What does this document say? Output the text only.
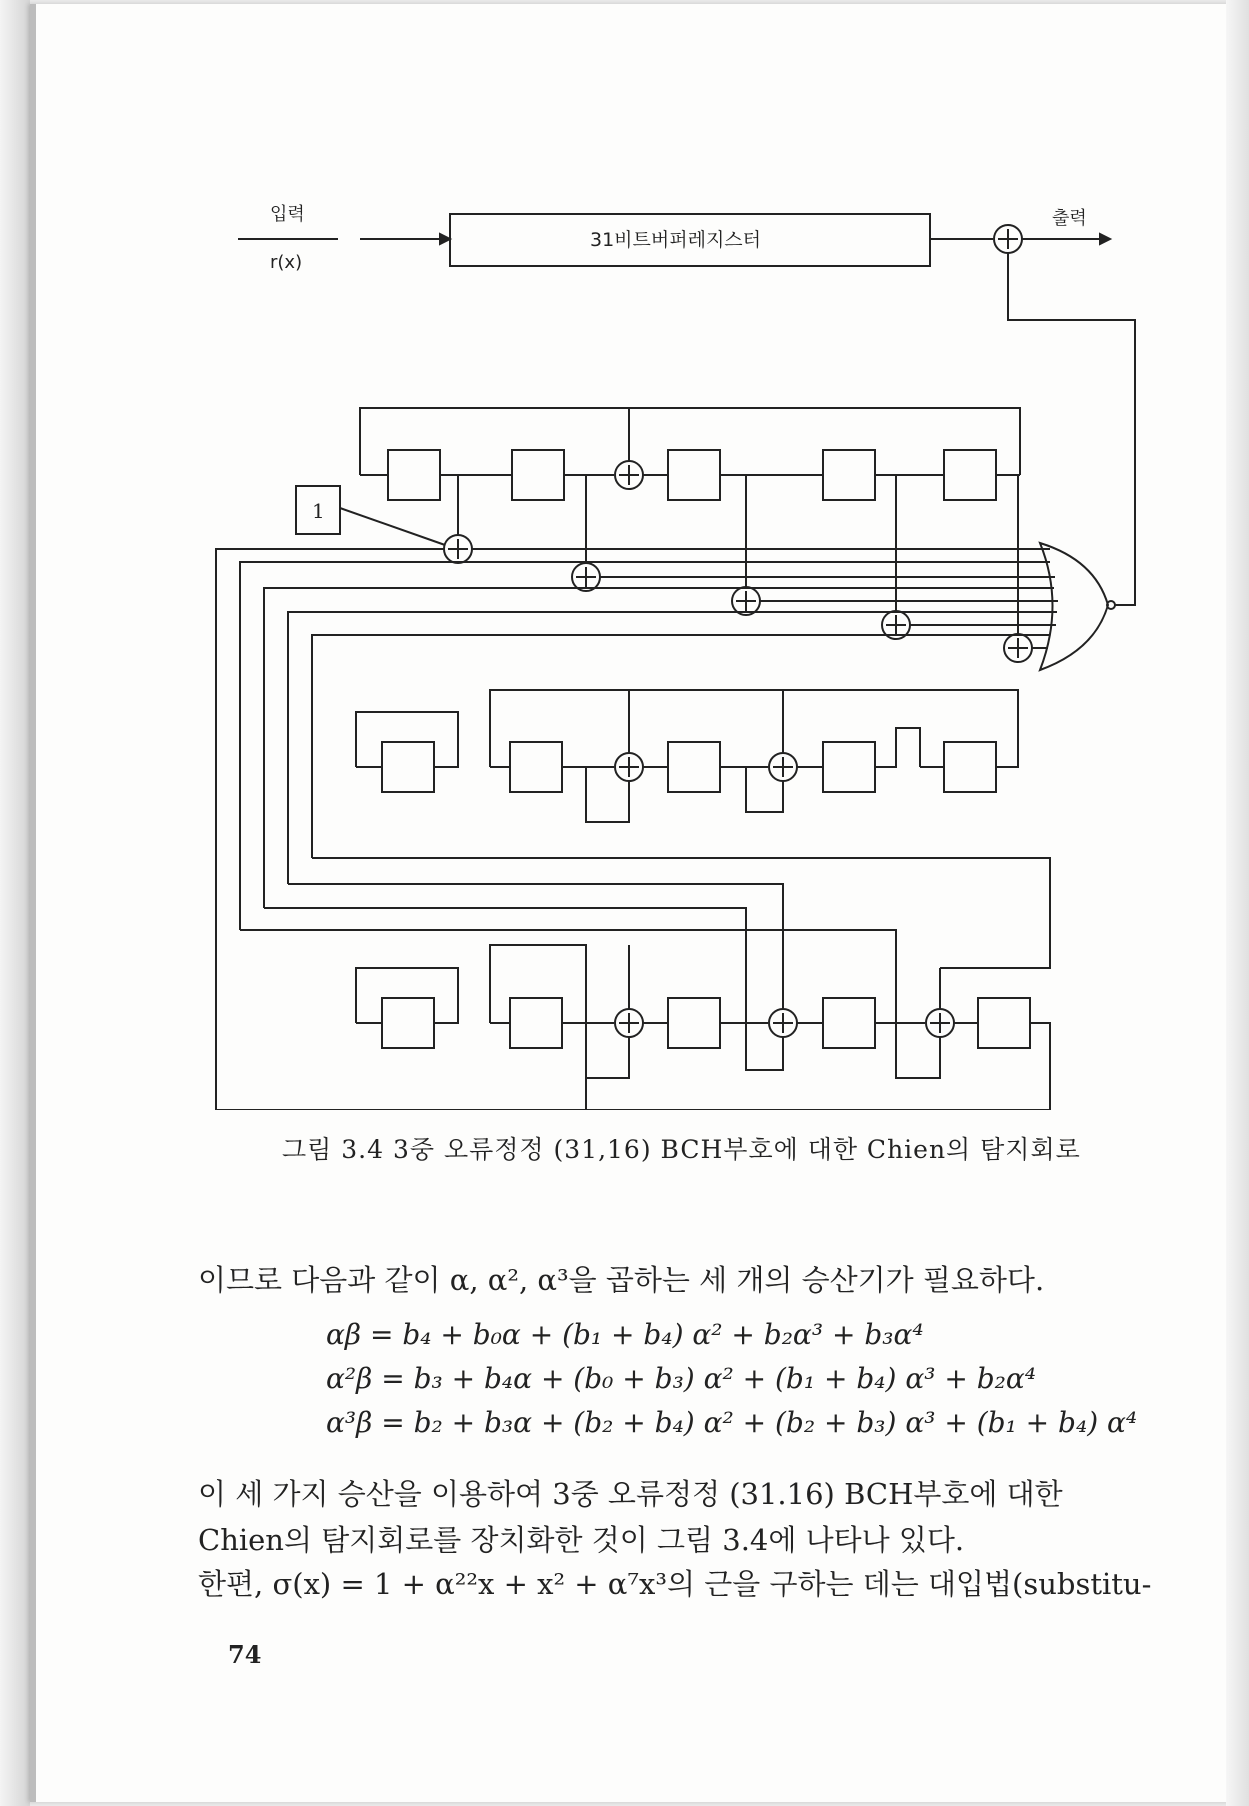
입력
r(x)
31비트버퍼레지스터
출력
1
그림 3.4 3중 오류정정 (31,16) BCH부호에 대한 Chien의 탐지회로
이므로 다음과 같이 α, α², α³을 곱하는 세 개의 승산기가 필요하다.
αβ = b₄ + b₀α + (b₁ + b₄) α² + b₂α³ + b₃α⁴
α²β = b₃ + b₄α + (b₀ + b₃) α² + (b₁ + b₄) α³ + b₂α⁴
α³β = b₂ + b₃α + (b₂ + b₄) α² + (b₂ + b₃) α³ + (b₁ + b₄) α⁴
이 세 가지 승산을 이용하여 3중 오류정정 (31.16) BCH부호에 대한
Chien의 탐지회로를 장치화한 것이 그림 3.4에 나타나 있다.
한편, σ(x) = 1 + α²²x + x² + α⁷x³의 근을 구하는 데는 대입법(substitu-
74
